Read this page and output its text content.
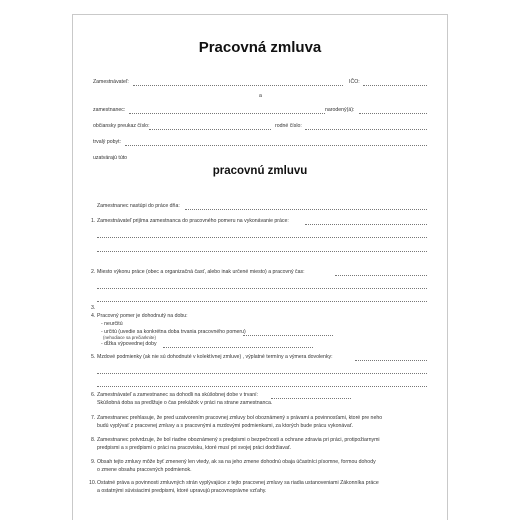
Pracovná zmluva
Zamestnávateľ:	IČO:
a
zamestnanec:	narodený(á):
občiansky preukaz číslo:	rodné číslo:
trvalý pobyt:
uzatvárajú túto
pracovnú zmluvu
Zamestnanec nastúpi do práce dňa:
1. Zamestnávateľ prijíma zamestnanca do pracovného pomeru na vykonávanie práce:
2. Miesto výkonu práce (obec a organizačná časť, alebo inak určené miesto) a pracovný čas:
3.
4. Pracovný pomer je dohodnutý na dobu:
- neurčitú
- určitú (uvedie sa konkrétna doba trvania pracovného pomeru)
(nehodiace sa prečiarknite)
- dĺžka výpovednej doby
5. Mzdové podmienky (ak nie sú dohodnuté v kolektívnej zmluve) , výplatné termíny a výmera dovolenky:
6. Zamestnávateľ a zamestnanec sa dohodli na skúšobnej dobe v trvaní:
Skúšobná doba sa predlžuje o čas prekážok v práci na strane zamestnanca.
7. Zamestnanec prehlasuje, že pred uzatvorením pracovnej zmluvy bol oboznámený s právami a povinnosťami, ktoré pre neho
budú vyplývať z pracovnej zmluvy a s pracovnými a mzdovými podmienkami, za ktorých bude prácu vykonávať.
8. Zamestnanec potvrdzuje, že bol riadne oboznámený s predpismi o bezpečnosti a ochrane zdravia pri práci, protipožiarnymi
predpismi a s predpismi o práci na pracovisku, ktoré musí pri svojej práci dodržiavať.
9. Obsah tejto zmluvy môže byť zmenený len vtedy, ak sa na jeho zmene dohodnú obaja účastníci písomne, formou dohody
o zmene obsahu pracovných podmienok.
10. Ostatné práva a povinnosti zmluvných strán vyplývajúce z tejto pracovnej zmluvy sa riadia ustanoveniami Zákonníka práce
a ostatnými súvisiacimi predpismi, ktoré upravujú pracovnoprávne vzťahy.
